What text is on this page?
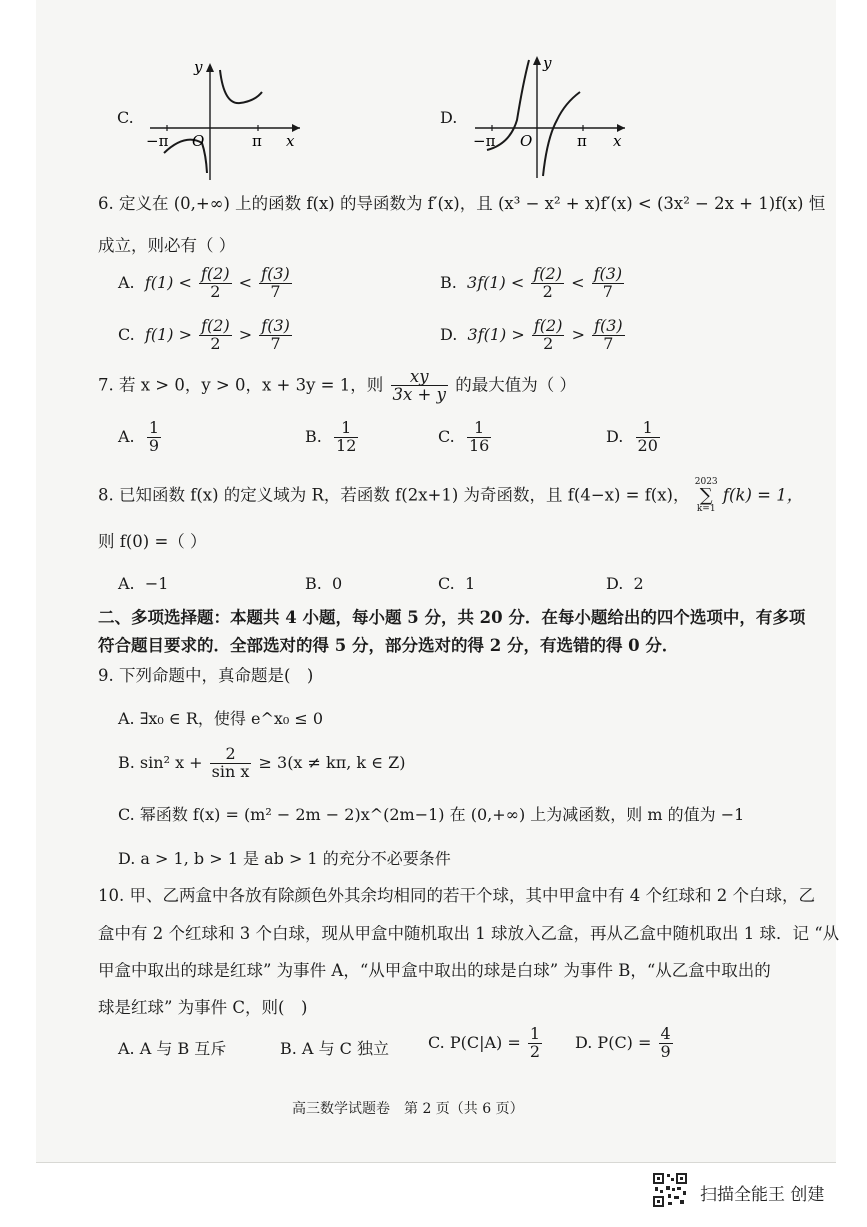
C.
−π O	π x
y
D.
−π O	π x
y
6. 定义在 (0,+∞) 上的函数 f(x) 的导函数为 f′(x)，且 (x³ − x² + x)f′(x) < (3x² − 2x + 1)f(x) 恒
成立，则必有（ ）
A. $f(1) < \frac{f(2)}{2} < \frac{f(3)}{7}$	B. $3f(1) < \frac{f(2)}{2} < \frac{f(3)}{7}$
C. $f(1) > \frac{f(2)}{2} > \frac{f(3)}{7}$	D. $3f(1) > \frac{f(2)}{2} > \frac{f(3)}{7}$
7. 若 x > 0，y > 0，x + 3y = 1，则 $\frac{xy}{3x + y}$ 的最大值为（ ）
A. $\frac{1}{9}$	B. $\frac{1}{12}$	C. $\frac{1}{16}$	D. $\frac{1}{20}$
8. 已知函数 f(x) 的定义域为 R，若函数 f(2x+1) 为奇函数，且 f(4−x) = f(x)，
2023
∑
k=1
f(k) = 1，
则 f(0) =（ ）
A. −1	B. 0	C. 1	D. 2
二、多项选择题：本题共 4 小题，每小题 5 分，共 20 分．在每小题给出的四个选项中，有多项
符合题目要求的．全部选对的得 5 分，部分选对的得 2 分，有选错的得 0 分．
9. 下列命题中，真命题是(　)
A. ∃x₀ ∈ R，使得 e^x₀ ≤ 0
B. sin² $x + \frac{2}{\text{sin x}} \ge 3(x \ne k\pi$, k ∈ Z)
C. 幂函数 f(x) = (m² − 2m − 2)x^(2m−1) 在 (0,+∞) 上为减函数，则 m 的值为 −1
D. a > 1, b > 1 是 ab > 1 的充分不必要条件
10. 甲、乙两盒中各放有除颜色外其余均相同的若干个球，其中甲盒中有 4 个红球和 2 个白球，乙
盒中有 2 个红球和 3 个白球，现从甲盒中随机取出 1 球放入乙盒，再从乙盒中随机取出 1 球．记 “从
甲盒中取出的球是红球” 为事件 A，“从甲盒中取出的球是白球” 为事件 B，“从乙盒中取出的
球是红球” 为事件 C，则(　)
A. A 与 B 互斥	B. A 与 C 独立 C. $P(C|A) = \frac{1}{2} D$. $P(C) = \frac{4}{9}$
高三数学试题卷　第 2 页（共 6 页）
扫描全能王 创建
